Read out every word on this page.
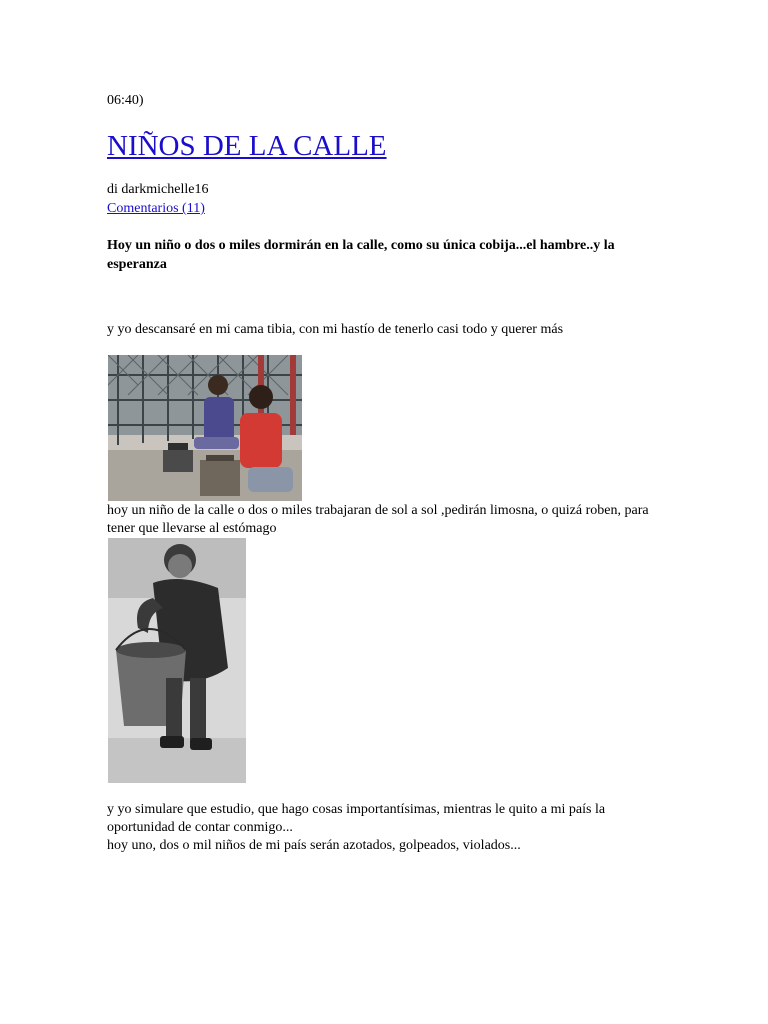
06:40)
NIÑOS DE LA CALLE
di darkmichelle16
Comentarios (11)
Hoy un niño o dos o miles dormirán en la calle, como su única cobija...el hambre..y la esperanza
y yo descansaré en mi cama tibia, con mi hastío de tenerlo casi todo y querer más
hoy un niño de la calle o dos o miles trabajaran de sol a sol ,pedirán limosna, o quizá roben, para tener que llevarse al estómago
y yo simulare que estudio, que hago cosas importantísimas, mientras le quito a mi país la oportunidad de contar conmigo...
hoy uno, dos o mil niños de mi país serán azotados, golpeados, violados...
